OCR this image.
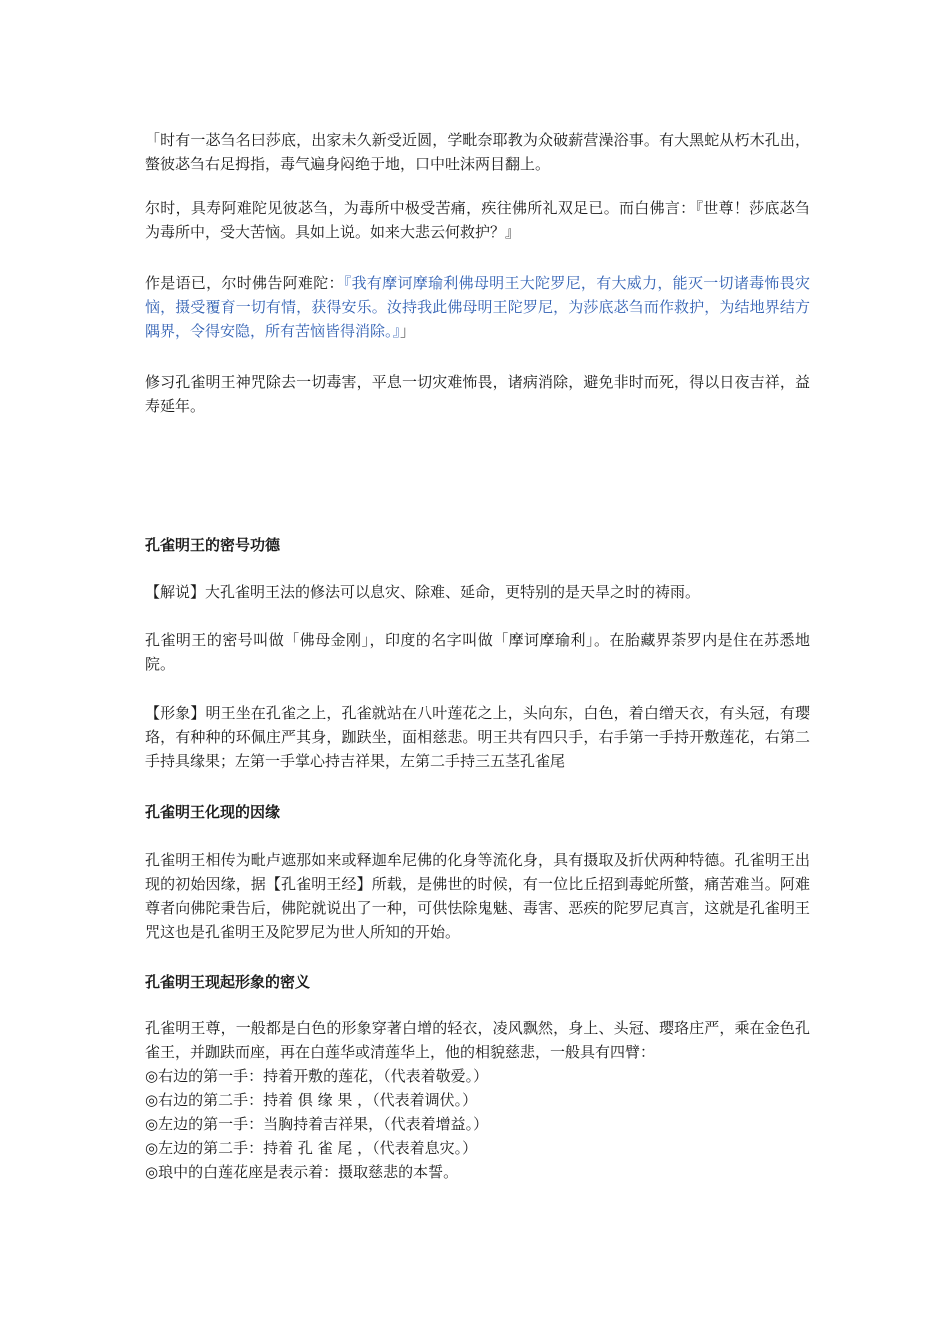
「时有一苾刍名曰莎底，出家未久新受近圆，学毗奈耶教为众破薪营澡浴事。有大黑蛇从朽木孔出，螫彼苾刍右足拇指，毒气遍身闷绝于地，口中吐沫两目翻上。

尔时，具寿阿难陀见彼苾刍，为毒所中极受苦痛，疾往佛所礼双足已。而白佛言：『世尊！莎底苾刍为毒所中，受大苦恼。具如上说。如来大悲云何救护？』

作是语已，尔时佛告阿难陀：『我有摩诃摩瑜利佛母明王大陀罗尼，有大威力，能灭一切诸毒怖畏灾恼，摄受覆育一切有情，获得安乐。汝持我此佛母明王陀罗尼，为莎底苾刍而作救护，为结地界结方隅界，令得安隐，所有苦恼皆得消除。』」

修习孔雀明王神咒除去一切毒害，平息一切灾难怖畏，诸病消除，避免非时而死，得以日夜吉祥，益寿延年。

孔雀明王的密号功德

【解说】大孔雀明王法的修法可以息灾、除难、延命，更特别的是天旱之时的祷雨。

孔雀明王的密号叫做「佛母金刚」，印度的名字叫做「摩诃摩瑜利」。在胎藏界荼罗内是住在苏悉地院。

【形象】明王坐在孔雀之上，孔雀就站在八叶莲花之上，头向东，白色，着白缯天衣，有头冠，有璎珞，有种种的环佩庄严其身，跏趺坐，面相慈悲。明王共有四只手，右手第一手持开敷莲花，右第二手持具缘果；左第一手掌心持吉祥果，左第二手持三五茎孔雀尾

孔雀明王化现的因缘

孔雀明王相传为毗卢遮那如来或释迦牟尼佛的化身等流化身，具有摄取及折伏两种特德。孔雀明王出现的初始因缘，据【孔雀明王经】所载，是佛世的时候，有一位比丘招到毒蛇所螫，痛苦难当。阿难尊者向佛陀秉告后，佛陀就说出了一种，可供怯除鬼魅、毒害、恶疾的陀罗尼真言，这就是孔雀明王咒这也是孔雀明王及陀罗尼为世人所知的开始。

孔雀明王现起形象的密义

孔雀明王尊，一般都是白色的形象穿著白增的轻衣，凌风飘然，身上、头冠、璎珞庄严，乘在金色孔雀王，并跏趺而座，再在白莲华或清莲华上，他的相貌慈悲，一般具有四臂：

◎右边的第一手：持着开敷的莲花，（代表着敬爱。）

◎右边的第二手：持着 俱 缘 果 ，（代表着调伏。）

◎左边的第一手：当胸持着吉祥果，（代表着增益。）

◎左边的第二手：持着 孔 雀 尾 ，（代表着息灾。）

◎琅中的白莲花座是表示着：摄取慈悲的本誓。
